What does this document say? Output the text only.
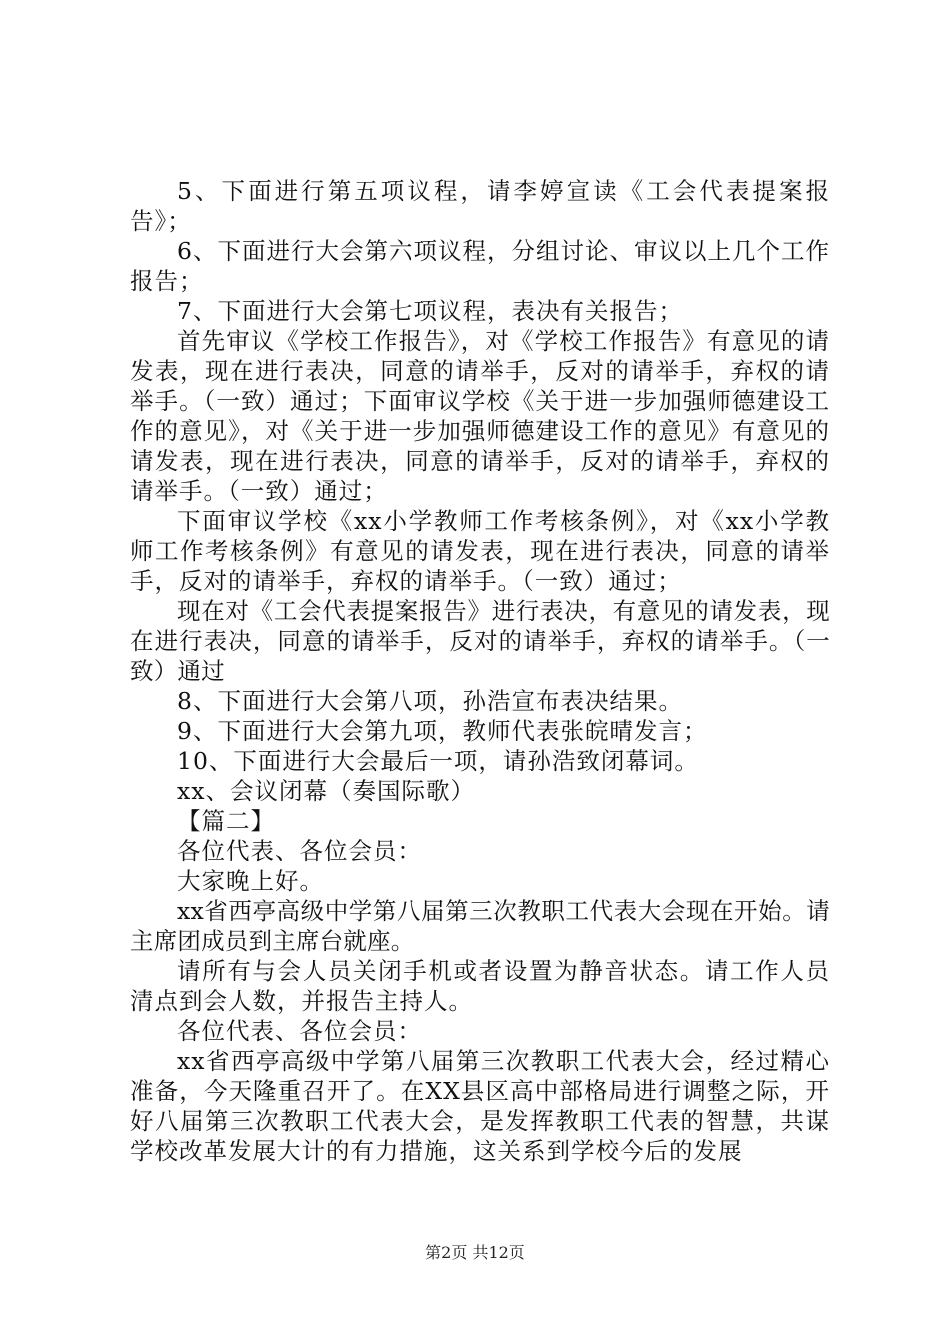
5、下面进行第五项议程，请李婷宣读《工会代表提案报告》；

6、下面进行大会第六项议程，分组讨论、审议以上几个工作报告；

7、下面进行大会第七项议程，表决有关报告；

首先审议《学校工作报告》，对《学校工作报告》有意见的请发表，现在进行表决，同意的请举手，反对的请举手，弃权的请举手。（一致）通过；下面审议学校《关于进一步加强师德建设工作的意见》，对《关于进一步加强师德建设工作的意见》有意见的请发表，现在进行表决，同意的请举手，反对的请举手，弃权的请举手。（一致）通过；

下面审议学校《xx小学教师工作考核条例》，对《xx小学教师工作考核条例》有意见的请发表，现在进行表决，同意的请举手，反对的请举手，弃权的请举手。（一致）通过；

现在对《工会代表提案报告》进行表决，有意见的请发表，现在进行表决，同意的请举手，反对的请举手，弃权的请举手。（一致）通过

8、下面进行大会第八项，孙浩宣布表决结果。

9、下面进行大会第九项，教师代表张皖晴发言；

10、下面进行大会最后一项，请孙浩致闭幕词。

xx、会议闭幕（奏国际歌）

【篇二】

各位代表、各位会员：

大家晚上好。

xx省西亭高级中学第八届第三次教职工代表大会现在开始。请主席团成员到主席台就座。

请所有与会人员关闭手机或者设置为静音状态。请工作人员清点到会人数，并报告主持人。

各位代表、各位会员：

xx省西亭高级中学第八届第三次教职工代表大会，经过精心准备，今天隆重召开了。在XX县区高中部格局进行调整之际，开好八届第三次教职工代表大会，是发挥教职工代表的智慧，共谋学校改革发展大计的有力措施，这关系到学校今后的发展

第2页 共12页
